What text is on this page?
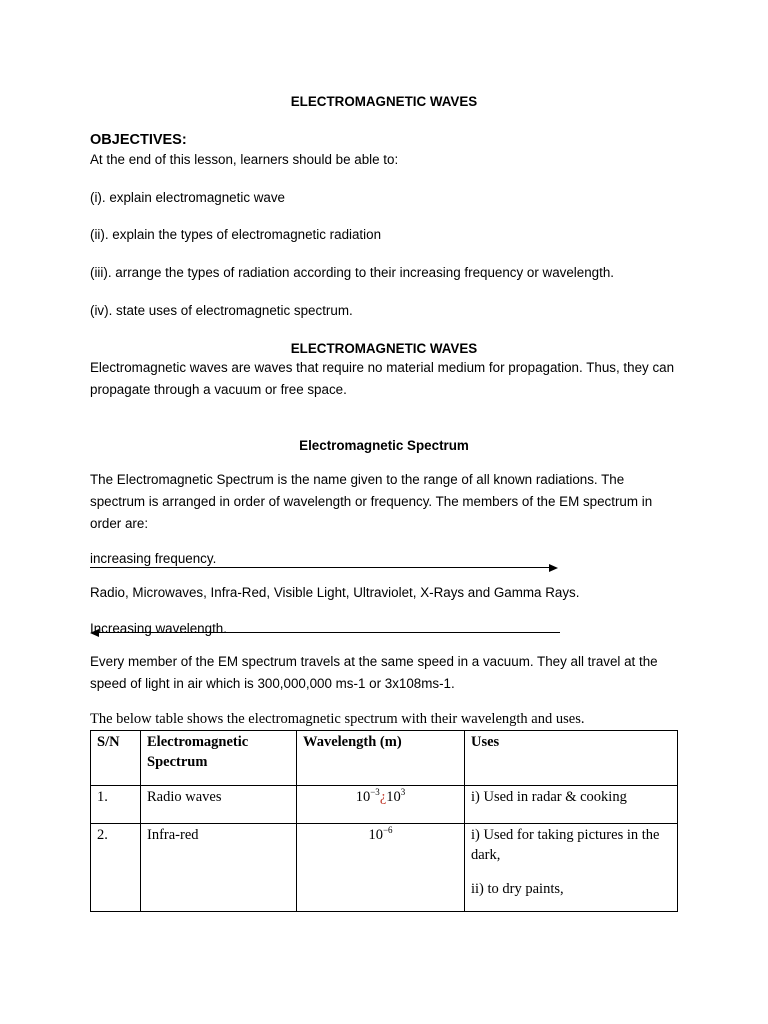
ELECTROMAGNETIC WAVES

OBJECTIVES:

At the end of this lesson, learners should be able to:

(i). explain electromagnetic wave

(ii). explain the types of electromagnetic radiation

(iii). arrange the types of radiation according to their increasing frequency or wavelength.

(iv). state uses of electromagnetic spectrum.

ELECTROMAGNETIC WAVES

Electromagnetic waves are waves that require no material medium for propagation. Thus, they can propagate through a vacuum or free space.

Electromagnetic Spectrum

The Electromagnetic Spectrum is the name given to the range of all known radiations. The spectrum is arranged in order of wavelength or frequency. The members of the EM spectrum in order are:

increasing frequency.

Radio, Microwaves, Infra-Red, Visible Light, Ultraviolet, X-Rays and Gamma Rays.

Increasing wavelength.

Every member of the EM spectrum travels at the same speed in a vacuum. They all travel at the speed of light in air which is 300,000,000 ms-1 or 3x108ms-1.

The below table shows the electromagnetic spectrum with their wavelength and uses.

S/N	Electromagnetic Spectrum	Wavelength (m)	Uses
1.	Radio waves	$10^{-3}¿10^3$	i) Used in radar & cooking
2.	Infra-red	$10^{-6}$	i) Used for taking pictures in the dark,
ii) to dry paints,
